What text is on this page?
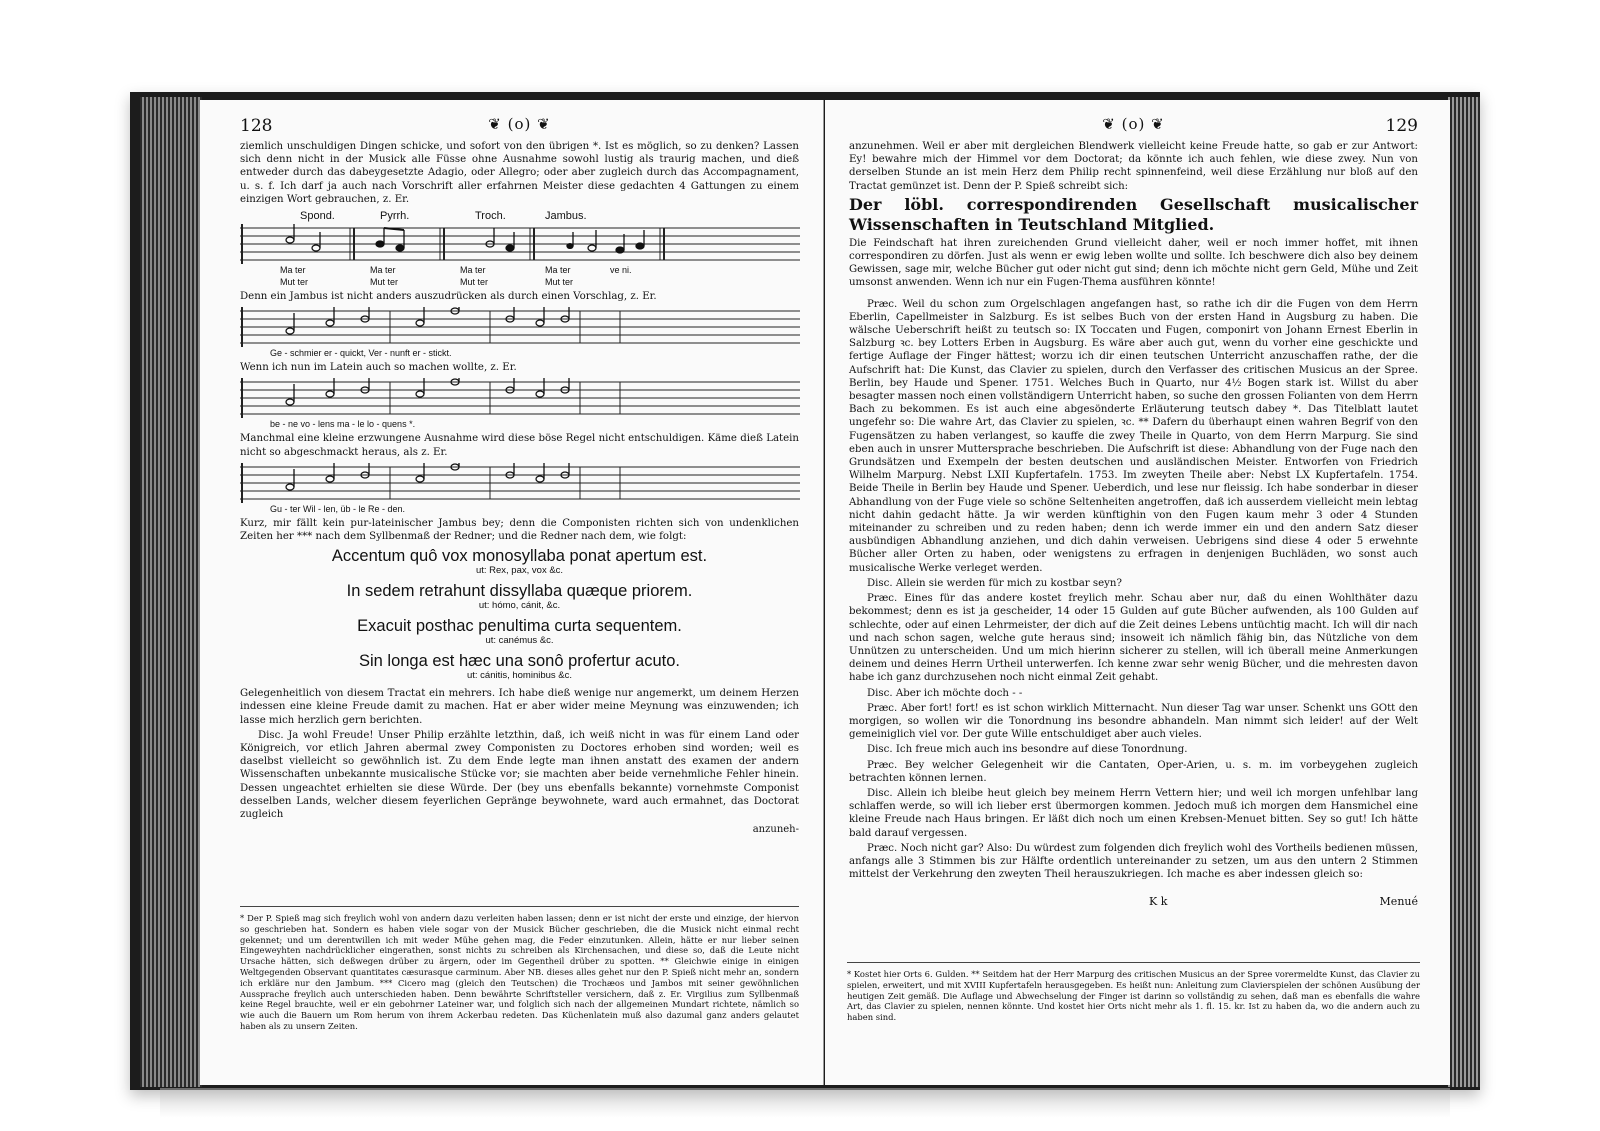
128	❦ (o) ❦

ziemlich unschuldigen Dingen schicke, und sofort von den übrigen *. Ist es möglich, so zu denken? Lassen sich denn nicht in der Musick alle Füsse ohne Ausnahme sowohl lustig als traurig machen, und dieß entweder durch das dabeygesetzte Adagio, oder Allegro; oder aber zugleich durch das Accompagnament, u. s. f. Ich darf ja auch nach Vorschrift aller erfahrnen Meister diese gedachten 4 Gattungen zu einem einzigen Wort gebrauchen, z. Er.

Spond.	Pyrrh.	Troch.	Jambus.
Ma ter	Ma ter	Ma ter	Ma ter	ve ni.
Mut ter	Mut ter	Mut ter	Mut ter

Denn ein Jambus ist nicht anders auszudrücken als durch einen Vorschlag, z. Er.

Ge - schmier er - quickt, Ver - nunft er - stickt.

Wenn ich nun im Latein auch so machen wollte, z. Er.

be - ne vo - lens ma - le lo - quens *.

Manchmal eine kleine erzwungene Ausnahme wird diese böse Regel nicht entschuldigen. Käme dieß Latein nicht so abgeschmackt heraus, als z. Er.

Gu - ter Wil - len, üb - le Re - den.

Kurz, mir fällt kein pur-lateinischer Jambus bey; denn die Componisten richten sich von undenklichen Zeiten her *** nach dem Syllbenmaß der Redner; und die Redner nach dem, wie folgt:

Accentum quô vox monosyllaba ponat apertum est.
ut: Rex, pax, vox &c.
In sedem retrahunt dissyllaba quæque priorem.
ut: hómo, cánit, &c.
Exacuit posthac penultima curta sequentem.
ut: canémus &c.
Sin longa est hæc una sonô profertur acuto.
ut: cánitis, hominibus &c.

Gelegenheitlich von diesem Tractat ein mehrers. Ich habe dieß wenige nur angemerkt, um deinem Herzen indessen eine kleine Freude damit zu machen. Hat er aber wider meine Meynung was einzuwenden; ich lasse mich herzlich gern berichten.

Disc. Ja wohl Freude! Unser Philip erzählte letzthin, daß, ich weiß nicht in was für einem Land oder Königreich, vor etlich Jahren abermal zwey Componisten zu Doctores erhoben sind worden; weil es daselbst vielleicht so gewöhnlich ist. Zu dem Ende legte man ihnen anstatt des examen der andern Wissenschaften unbekannte musicalische Stücke vor; sie machten aber beide vernehmliche Fehler hinein. Dessen ungeachtet erhielten sie diese Würde. Der (bey uns ebenfalls bekannte) vornehmste Componist desselben Lands, welcher diesem feyerlichen Gepränge beywohnete, ward auch ermahnet, das Doctorat zugleich

anzuneh-
* Der P. Spieß mag sich freylich wohl von andern dazu verleiten haben lassen; denn er ist nicht der erste und einzige, der hiervon so geschrieben hat. Sondern es haben viele sogar von der Musick Bücher geschrieben, die die Musick nicht einmal recht gekennet; und um derentwillen ich mit weder Mühe gehen mag, die Feder einzutunken. Allein, hätte er nur lieber seinen Eingeweyhten nachdrücklicher eingerathen, sonst nichts zu schreiben als Kirchensachen, und diese so, daß die Leute nicht Ursache hätten, sich deßwegen drüber zu ärgern, oder im Gegentheil drüber zu spotten. ** Gleichwie einige in einigen Weltgegenden Observant quantitates cæsurasque carminum. Aber NB. dieses alles gehet nur den P. Spieß nicht mehr an, sondern ich erkläre nur den Jambum. *** Cicero mag (gleich den Teutschen) die Trochæos und Jambos mit seiner gewöhnlichen Aussprache freylich auch unterschieden haben. Denn bewährte Schriftsteller versichern, daß z. Er. Virgilius zum Syllbenmaß keine Regel brauchte, weil er ein gebohrner Lateiner war, und folglich sich nach der allgemeinen Mundart richtete, nämlich so wie auch die Bauern um Rom herum von ihrem Ackerbau redeten. Das Küchenlatein muß also dazumal ganz anders gelautet haben als zu unsern Zeiten.
❦ (o) ❦	129

anzunehmen. Weil er aber mit dergleichen Blendwerk vielleicht keine Freude hatte, so gab er zur Antwort: Ey! bewahre mich der Himmel vor dem Doctorat; da könnte ich auch fehlen, wie diese zwey. Nun von derselben Stunde an ist mein Herz dem Philip recht spinnenfeind, weil diese Erzählung nur bloß auf den Tractat gemünzet ist. Denn der P. Spieß schreibt sich:

Der löbl. correspondirenden Gesellschaft musicalischer Wissenschaften in Teutschland Mitglied.

Die Feindschaft hat ihren zureichenden Grund vielleicht daher, weil er noch immer hoffet, mit ihnen correspondiren zu dörfen. Just als wenn er ewig leben wollte und sollte. Ich beschwere dich also bey deinem Gewissen, sage mir, welche Bücher gut oder nicht gut sind; denn ich möchte nicht gern Geld, Mühe und Zeit umsonst anwenden. Wenn ich nur ein Fugen-Thema ausführen könnte!

Præc. Weil du schon zum Orgelschlagen angefangen hast, so rathe ich dir die Fugen von dem Herrn Eberlin, Capellmeister in Salzburg. Es ist selbes Buch von der ersten Hand in Augsburg zu haben. Die wälsche Ueberschrift heißt zu teutsch so: IX Toccaten und Fugen, componirt von Johann Ernest Eberlin in Salzburg ꝛc. bey Lotters Erben in Augsburg. Es wäre aber auch gut, wenn du vorher eine geschickte und fertige Auflage der Finger hättest; worzu ich dir einen teutschen Unterricht anzuschaffen rathe, der die Aufschrift hat: Die Kunst, das Clavier zu spielen, durch den Verfasser des critischen Musicus an der Spree. Berlin, bey Haude und Spener. 1751. Welches Buch in Quarto, nur 4½ Bogen stark ist. Willst du aber besagter massen noch einen vollständigern Unterricht haben, so suche den grossen Folianten von dem Herrn Bach zu bekommen. Es ist auch eine abgesönderte Erläuterung teutsch dabey *. Das Titelblatt lautet ungefehr so: Die wahre Art, das Clavier zu spielen, ꝛc. ** Dafern du überhaupt einen wahren Begrif von den Fugensätzen zu haben verlangest, so kauffe die zwey Theile in Quarto, von dem Herrn Marpurg. Sie sind eben auch in unsrer Muttersprache beschrieben. Die Aufschrift ist diese: Abhandlung von der Fuge nach den Grundsätzen und Exempeln der besten deutschen und ausländischen Meister. Entworfen von Friedrich Wilhelm Marpurg. Nebst LXII Kupfertafeln. 1753. Im zweyten Theile aber: Nebst LX Kupfertafeln. 1754. Beide Theile in Berlin bey Haude und Spener. Ueberdich, und lese nur fleissig. Ich habe sonderbar in dieser Abhandlung von der Fuge viele so schöne Seltenheiten angetroffen, daß ich ausserdem vielleicht mein lebtag nicht dahin gedacht hätte. Ja wir werden künftighin von den Fugen kaum mehr 3 oder 4 Stunden miteinander zu schreiben und zu reden haben; denn ich werde immer ein und den andern Satz dieser ausbündigen Abhandlung anziehen, und dich dahin verweisen. Uebrigens sind diese 4 oder 5 erwehnte Bücher aller Orten zu haben, oder wenigstens zu erfragen in denjenigen Buchläden, wo sonst auch musicalische Werke verleget werden.

Disc. Allein sie werden für mich zu kostbar seyn?

Præc. Eines für das andere kostet freylich mehr. Schau aber nur, daß du einen Wohlthäter dazu bekommest; denn es ist ja gescheider, 14 oder 15 Gulden auf gute Bücher aufwenden, als 100 Gulden auf schlechte, oder auf einen Lehrmeister, der dich auf die Zeit deines Lebens untüchtig macht. Ich will dir nach und nach schon sagen, welche gute heraus sind; insoweit ich nämlich fähig bin, das Nützliche von dem Unnützen zu unterscheiden. Und um mich hierinn sicherer zu stellen, will ich überall meine Anmerkungen deinem und deines Herrn Urtheil unterwerfen. Ich kenne zwar sehr wenig Bücher, und die mehresten davon habe ich ganz durchzusehen noch nicht einmal Zeit gehabt.

Disc. Aber ich möchte doch - -

Præc. Aber fort! fort! es ist schon wirklich Mitternacht. Nun dieser Tag war unser. Schenkt uns GOtt den morgigen, so wollen wir die Tonordnung ins besondre abhandeln. Man nimmt sich leider! auf der Welt gemeiniglich viel vor. Der gute Wille entschuldiget aber auch vieles.

Disc. Ich freue mich auch ins besondre auf diese Tonordnung.

Præc. Bey welcher Gelegenheit wir die Cantaten, Oper-Arien, u. s. m. im vorbeygehen zugleich betrachten können lernen.

Disc. Allein ich bleibe heut gleich bey meinem Herrn Vettern hier; und weil ich morgen unfehlbar lang schlaffen werde, so will ich lieber erst übermorgen kommen. Jedoch muß ich morgen dem Hansmichel eine kleine Freude nach Haus bringen. Er läßt dich noch um einen Krebsen-Menuet bitten. Sey so gut! Ich hätte bald darauf vergessen.

Præc. Noch nicht gar? Also: Du würdest zum folgenden dich freylich wohl des Vortheils bedienen müssen, anfangs alle 3 Stimmen bis zur Hälfte ordentlich untereinander zu setzen, um aus den untern 2 Stimmen mittelst der Verkehrung den zweyten Theil herauszukriegen. Ich mache es aber indessen gleich so:

K k	Menué
* Kostet hier Orts 6. Gulden. ** Seitdem hat der Herr Marpurg des critischen Musicus an der Spree vorermeldte Kunst, das Clavier zu spielen, erweitert, und mit XVIII Kupfertafeln herausgegeben. Es heißt nun: Anleitung zum Clavierspielen der schönen Ausübung der heutigen Zeit gemäß. Die Auflage und Abwechselung der Finger ist darinn so vollständig zu sehen, daß man es ebenfalls die wahre Art, das Clavier zu spielen, nennen könnte. Und kostet hier Orts nicht mehr als 1. fl. 15. kr. Ist zu haben da, wo die andern auch zu haben sind.
